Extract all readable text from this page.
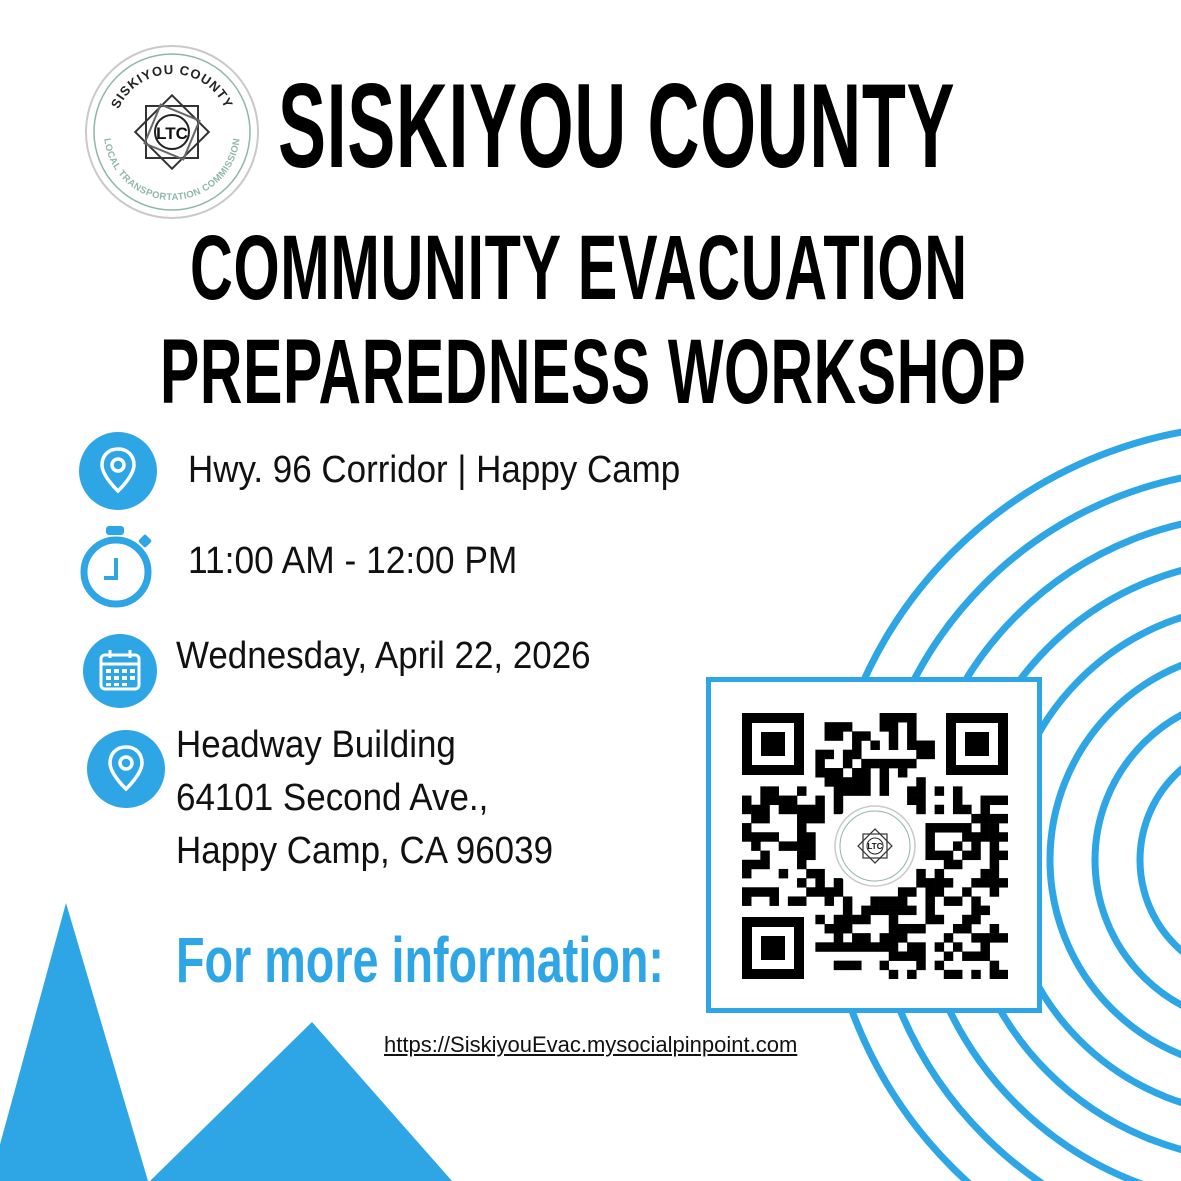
LTC
SISKIYOU COUNTY
LOCAL TRANSPORTATION COMMISSION SISKIYOU COUNTY
COMMUNITY EVACUATION
PREPAREDNESS WORKSHOP
Hwy. 96 Corridor | Happy Camp
11:00 AM - 12:00 PM
Wednesday, April 22, 2026
Headway Building
64101 Second Ave.,
Happy Camp, CA 96039
For more information:
LTC
https://SiskiyouEvac.mysocialpinpoint.com
